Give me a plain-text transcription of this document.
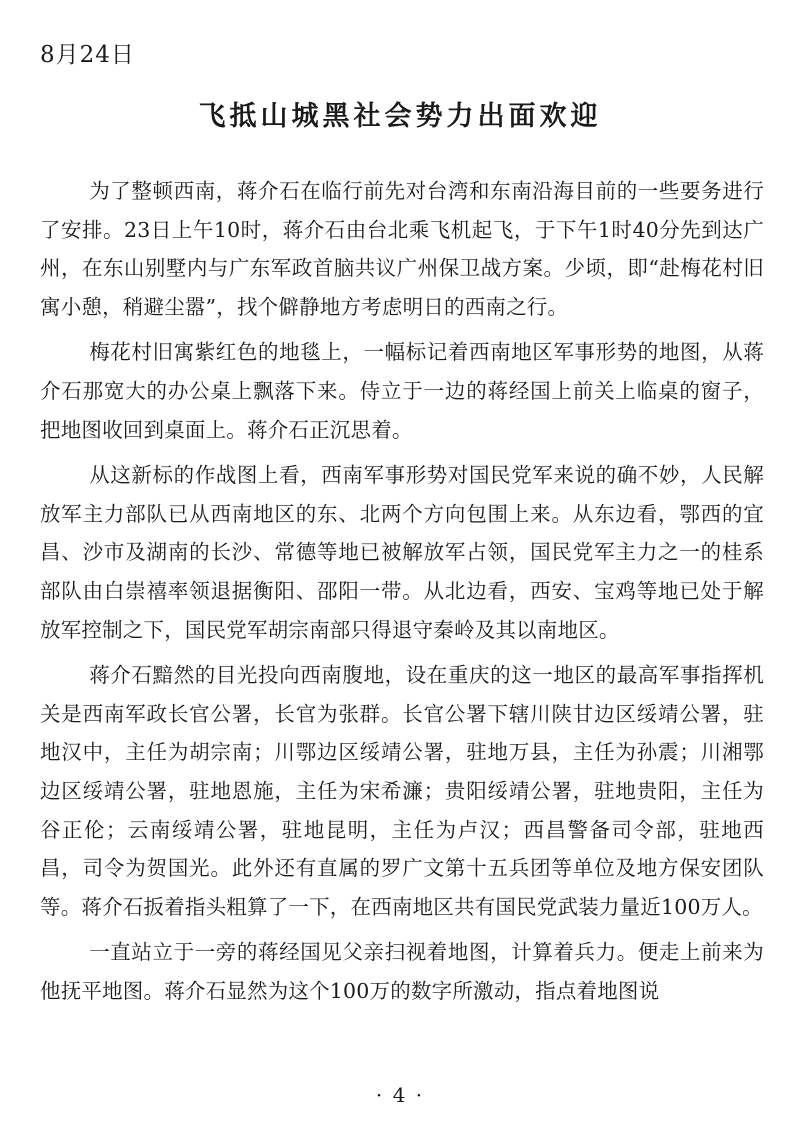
8月24日
飞抵山城黑社会势力出面欢迎

为了整顿西南，蒋介石在临行前先对台湾和东南沿海目前的一些要务进行了安排。23日上午10时，蒋介石由台北乘飞机起飞，于下午1时40分先到达广州，在东山别墅内与广东军政首脑共议广州保卫战方案。少顷，即“赴梅花村旧寓小憩，稍避尘嚣”，找个僻静地方考虑明日的西南之行。

梅花村旧寓紫红色的地毯上，一幅标记着西南地区军事形势的地图，从蒋介石那宽大的办公桌上飘落下来。侍立于一边的蒋经国上前关上临桌的窗子，把地图收回到桌面上。蒋介石正沉思着。

从这新标的作战图上看，西南军事形势对国民党军来说的确不妙，人民解放军主力部队已从西南地区的东、北两个方向包围上来。从东边看，鄂西的宜昌、沙市及湖南的长沙、常德等地已被解放军占领，国民党军主力之一的桂系部队由白崇禧率领退据衡阳、邵阳一带。从北边看，西安、宝鸡等地已处于解放军控制之下，国民党军胡宗南部只得退守秦岭及其以南地区。

蒋介石黯然的目光投向西南腹地，设在重庆的这一地区的最高军事指挥机关是西南军政长官公署，长官为张群。长官公署下辖川陕甘边区绥靖公署，驻地汉中，主任为胡宗南；川鄂边区绥靖公署，驻地万县，主任为孙震；川湘鄂边区绥靖公署，驻地恩施，主任为宋希濂；贵阳绥靖公署，驻地贵阳，主任为谷正伦；云南绥靖公署，驻地昆明，主任为卢汉；西昌警备司令部，驻地西昌，司令为贺国光。此外还有直属的罗广文第十五兵团等单位及地方保安团队等。蒋介石扳着指头粗算了一下，在西南地区共有国民党武装力量近100万人。

一直站立于一旁的蒋经国见父亲扫视着地图，计算着兵力。便走上前来为他抚平地图。蒋介石显然为这个100万的数字所激动，指点着地图说

· 4 ·
